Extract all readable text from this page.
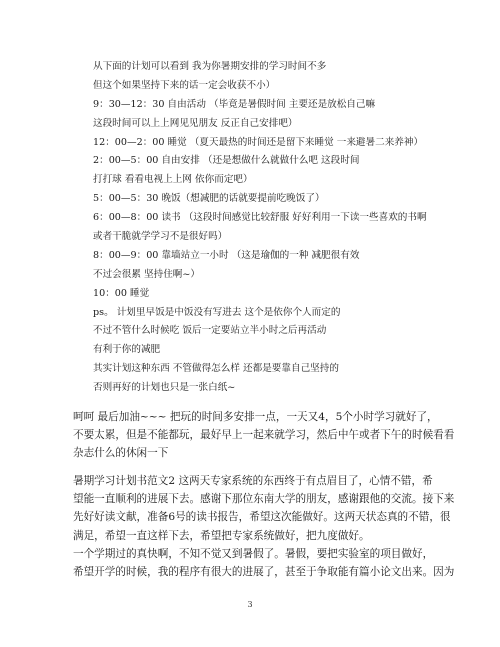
从下面的计划可以看到 我为你暑期安排的学习时间不多
但这个如果坚持下来的话一定会收获不小）
9：30—12：30 自由活动 （毕竟是暑假时间 主要还是放松自己嘛
这段时间可以上上网见见朋友 反正自己安排吧）
12：00—2：00 睡觉 （夏天最热的时间还是留下来睡觉 一来避暑二来养神）
2：00—5：00 自由安排 （还是想做什么就做什么吧 这段时间
打打球 看看电视上上网 依你而定吧）
5：00—5：30 晚饭（想减肥的话就要提前吃晚饭了）
6：00—8：00 读书 （这段时间感觉比较舒服 好好利用一下读一些喜欢的书啊
或者干脆就学学习不是很好吗）
8：00—9：00 靠墙站立一小时 （这是瑜伽的一种 减肥很有效
不过会很累 坚持住啊~）
10：00 睡觉
ps。 计划里早饭是中饭没有写进去 这个是依你个人而定的
不过不管什么时候吃 饭后一定要站立半小时之后再活动
有利于你的减肥
其实计划这种东西 不管做得怎么样 还都是要靠自己坚持的
否则再好的计划也只是一张白纸~
呵呵 最后加油~~~ 把玩的时间多安排一点，一天又4，5个小时学习就好了，
不要太累，但是不能都玩，最好早上一起来就学习，然后中午或者下午的时候看看
杂志什么的休闲一下
暑期学习计划书范文2 这两天专家系统的东西终于有点眉目了，心情不错，希
望能一直顺利的进展下去。感谢下那位东南大学的朋友，感谢跟他的交流。接下来
先好好读文献，准备6号的读书报告，希望这次能做好。这两天状态真的不错，很
满足，希望一直这样下去，希望把专家系统做好，把九度做好。
一个学期过的真快啊，不知不觉又到暑假了。暑假，要把实验室的项目做好，
希望开学的时候，我的程序有很大的进展了，甚至于争取能有篇小论文出来。因为
3
